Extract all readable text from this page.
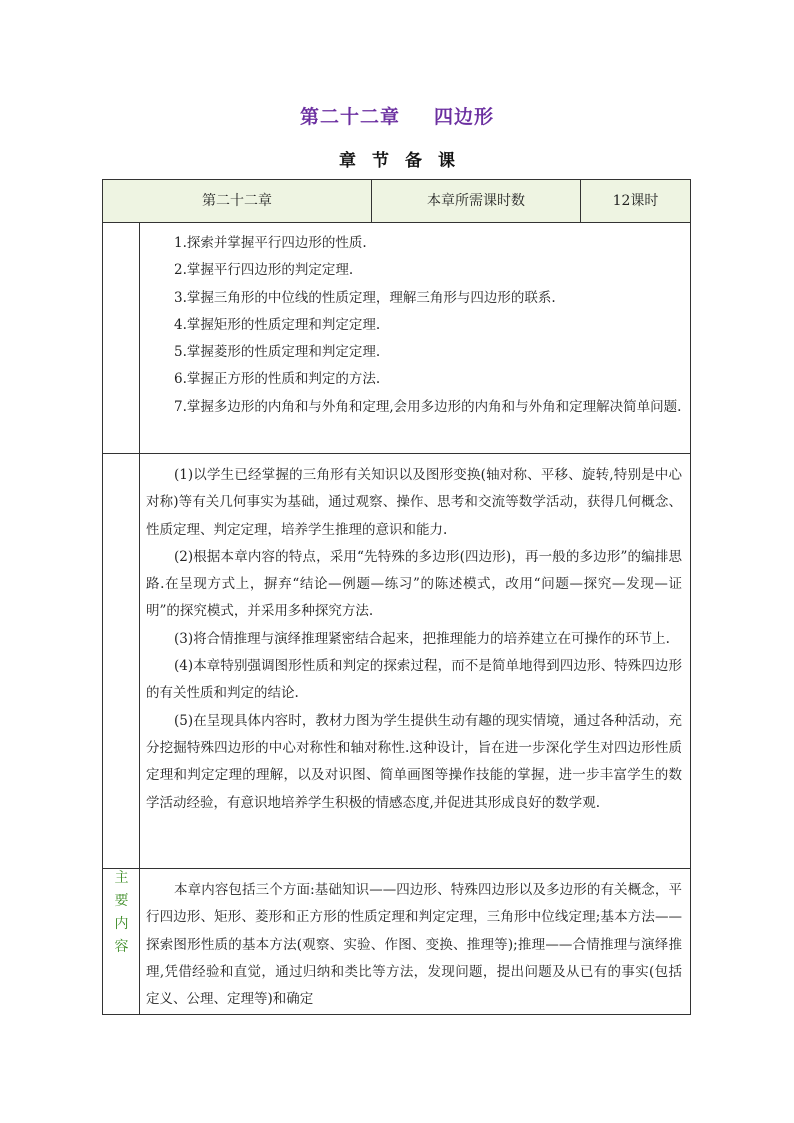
第二十二章 四边形
章节备课
第二十二章	本章所需课时数	12课时

1.探索并掌握平行四边形的性质.

2.掌握平行四边形的判定定理.

3.掌握三角形的中位线的性质定理，理解三角形与四边形的联系.

4.掌握矩形的性质定理和判定定理.

5.掌握菱形的性质定理和判定定理.

6.掌握正方形的性质和判定的方法.

7.掌握多边形的内角和与外角和定理,会用多边形的内角和与外角和定理解决简单问题.

(1)以学生已经掌握的三角形有关知识以及图形变换(轴对称、平移、旋转,特别是中心对称)等有关几何事实为基础，通过观察、操作、思考和交流等数学活动，获得几何概念、性质定理、判定定理，培养学生推理的意识和能力.

(2)根据本章内容的特点，采用“先特殊的多边形(四边形)，再一般的多边形”的编排思路.在呈现方式上，摒弃“结论—例题—练习”的陈述模式，改用“问题—探究—发现—证明”的探究模式，并采用多种探究方法.

(3)将合情推理与演绎推理紧密结合起来，把推理能力的培养建立在可操作的环节上.

(4)本章特别强调图形性质和判定的探索过程，而不是简单地得到四边形、特殊四边形的有关性质和判定的结论.

(5)在呈现具体内容时，教材力图为学生提供生动有趣的现实情境，通过各种活动，充分挖掘特殊四边形的中心对称性和轴对称性.这种设计，旨在进一步深化学生对四边形性质定理和判定定理的理解，以及对识图、简单画图等操作技能的掌握，进一步丰富学生的数学活动经验，有意识地培养学生积极的情感态度,并促进其形成良好的数学观.

主
要
内
容

本章内容包括三个方面:基础知识——四边形、特殊四边形以及多边形的有关概念，平行四边形、矩形、菱形和正方形的性质定理和判定定理，三角形中位线定理;基本方法——探索图形性质的基本方法(观察、实验、作图、变换、推理等);推理——合情推理与演绎推理,凭借经验和直觉，通过归纳和类比等方法，发现问题，提出问题及从已有的事实(包括定义、公理、定理等)和确定
